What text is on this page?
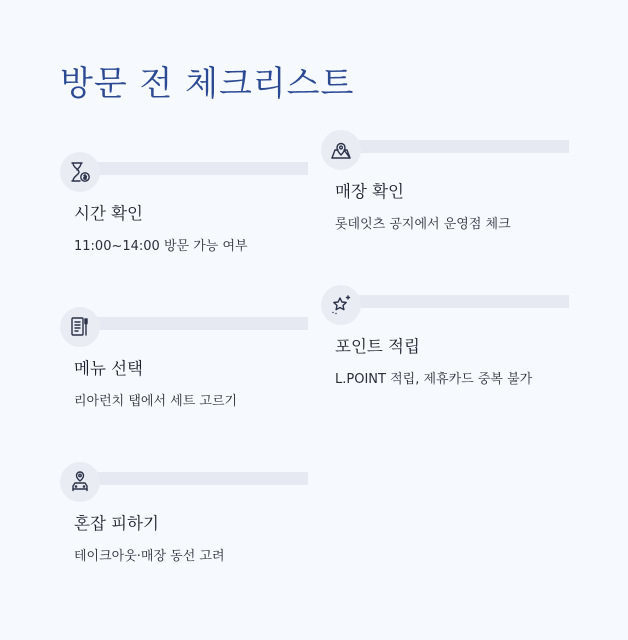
방문 전 체크리스트
시간 확인
11:00~14:00 방문 가능 여부
매장 확인
롯데잇츠 공지에서 운영점 체크
메뉴 선택
리아런치 탭에서 세트 고르기
포인트 적립
L.POINT 적립, 제휴카드 중복 불가
혼잡 피하기
테이크아웃·매장 동선 고려
